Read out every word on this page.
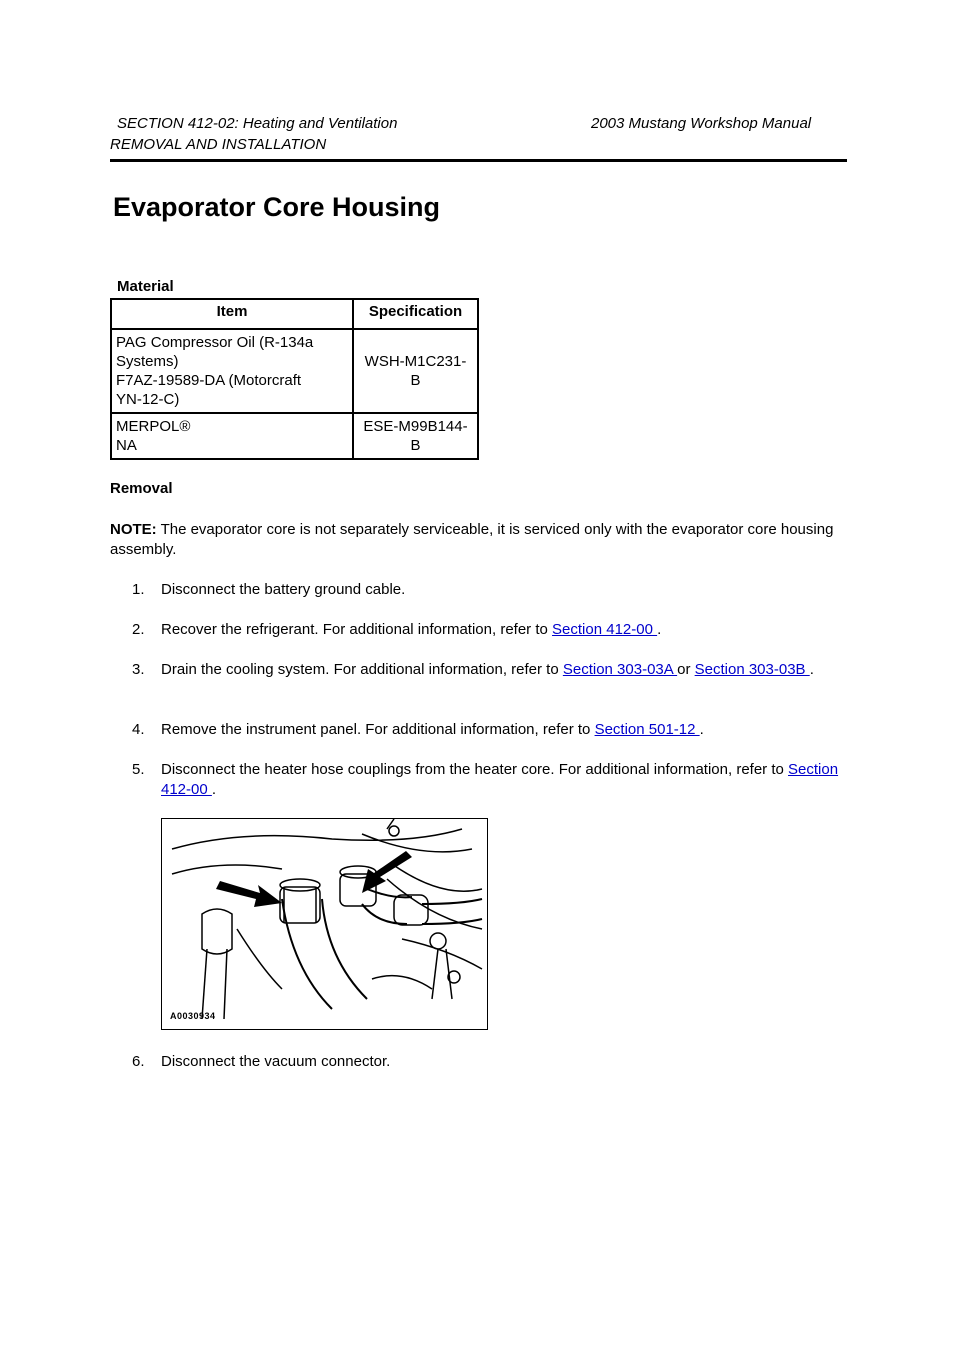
SECTION 412-02: Heating and Ventilation	2003 Mustang Workshop Manual
REMOVAL AND INSTALLATION
Evaporator Core Housing
Material
Item	Specification

PAG Compressor Oil (R-134a
Systems)
F7AZ-19589-DA (Motorcraft
YN-12-C)	WSH-M1C231-
B

MERPOL®
NA	ESE-M99B144-
B
Removal
NOTE: The evaporator core is not separately serviceable, it is serviced only with the evaporator core housing assembly.
1. Disconnect the battery ground cable.
2. Recover the refrigerant. For additional information, refer to Section 412-00 .
3. Drain the cooling system. For additional information, refer to Section 303-03A or Section 303-03B .
4. Remove the instrument panel. For additional information, refer to Section 501-12 .
5. Disconnect the heater hose couplings from the heater core. For additional information, refer to Section 412-00 .
A0030934
6. Disconnect the vacuum connector.
